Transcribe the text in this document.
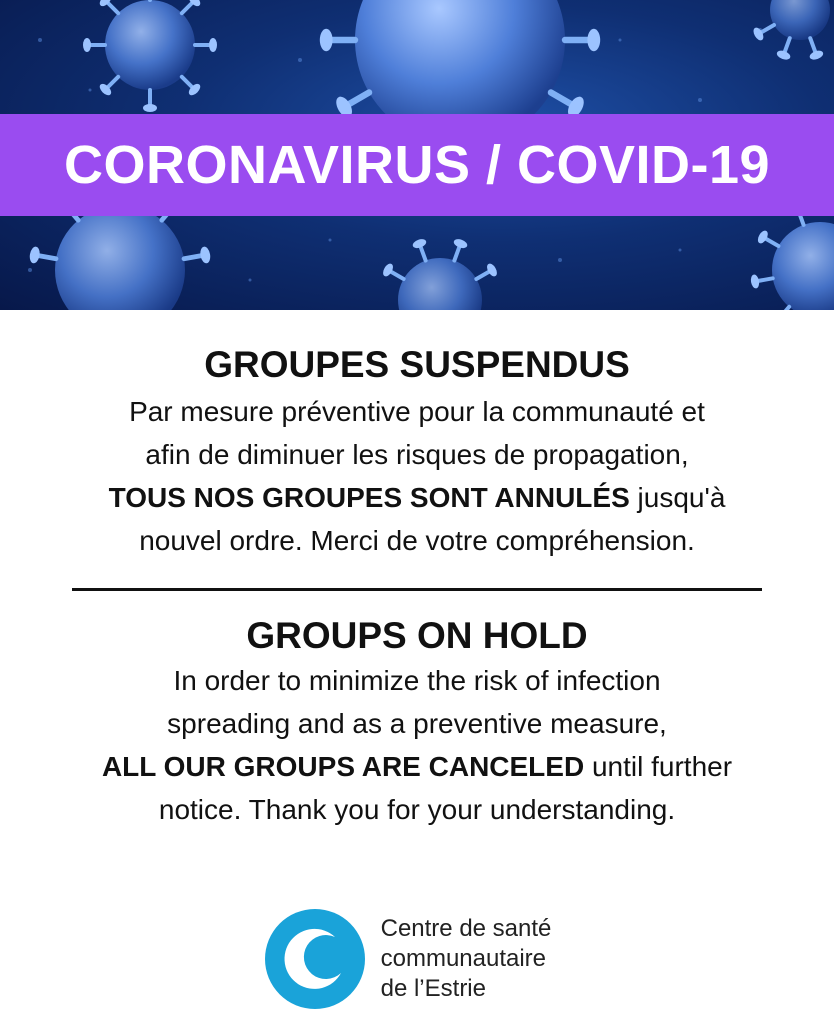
CORONAVIRUS / COVID-19
GROUPES SUSPENDUS

Par mesure préventive pour la communauté et
afin de diminuer les risques de propagation,
TOUS NOS GROUPES SONT ANNULÉS jusqu'à
nouvel ordre. Merci de votre compréhension.

GROUPS ON HOLD

In order to minimize the risk of infection
spreading and as a preventive measure,
ALL OUR GROUPS ARE CANCELED until further
notice. Thank you for your understanding.

Centre de santé
communautaire
de l’Estrie
